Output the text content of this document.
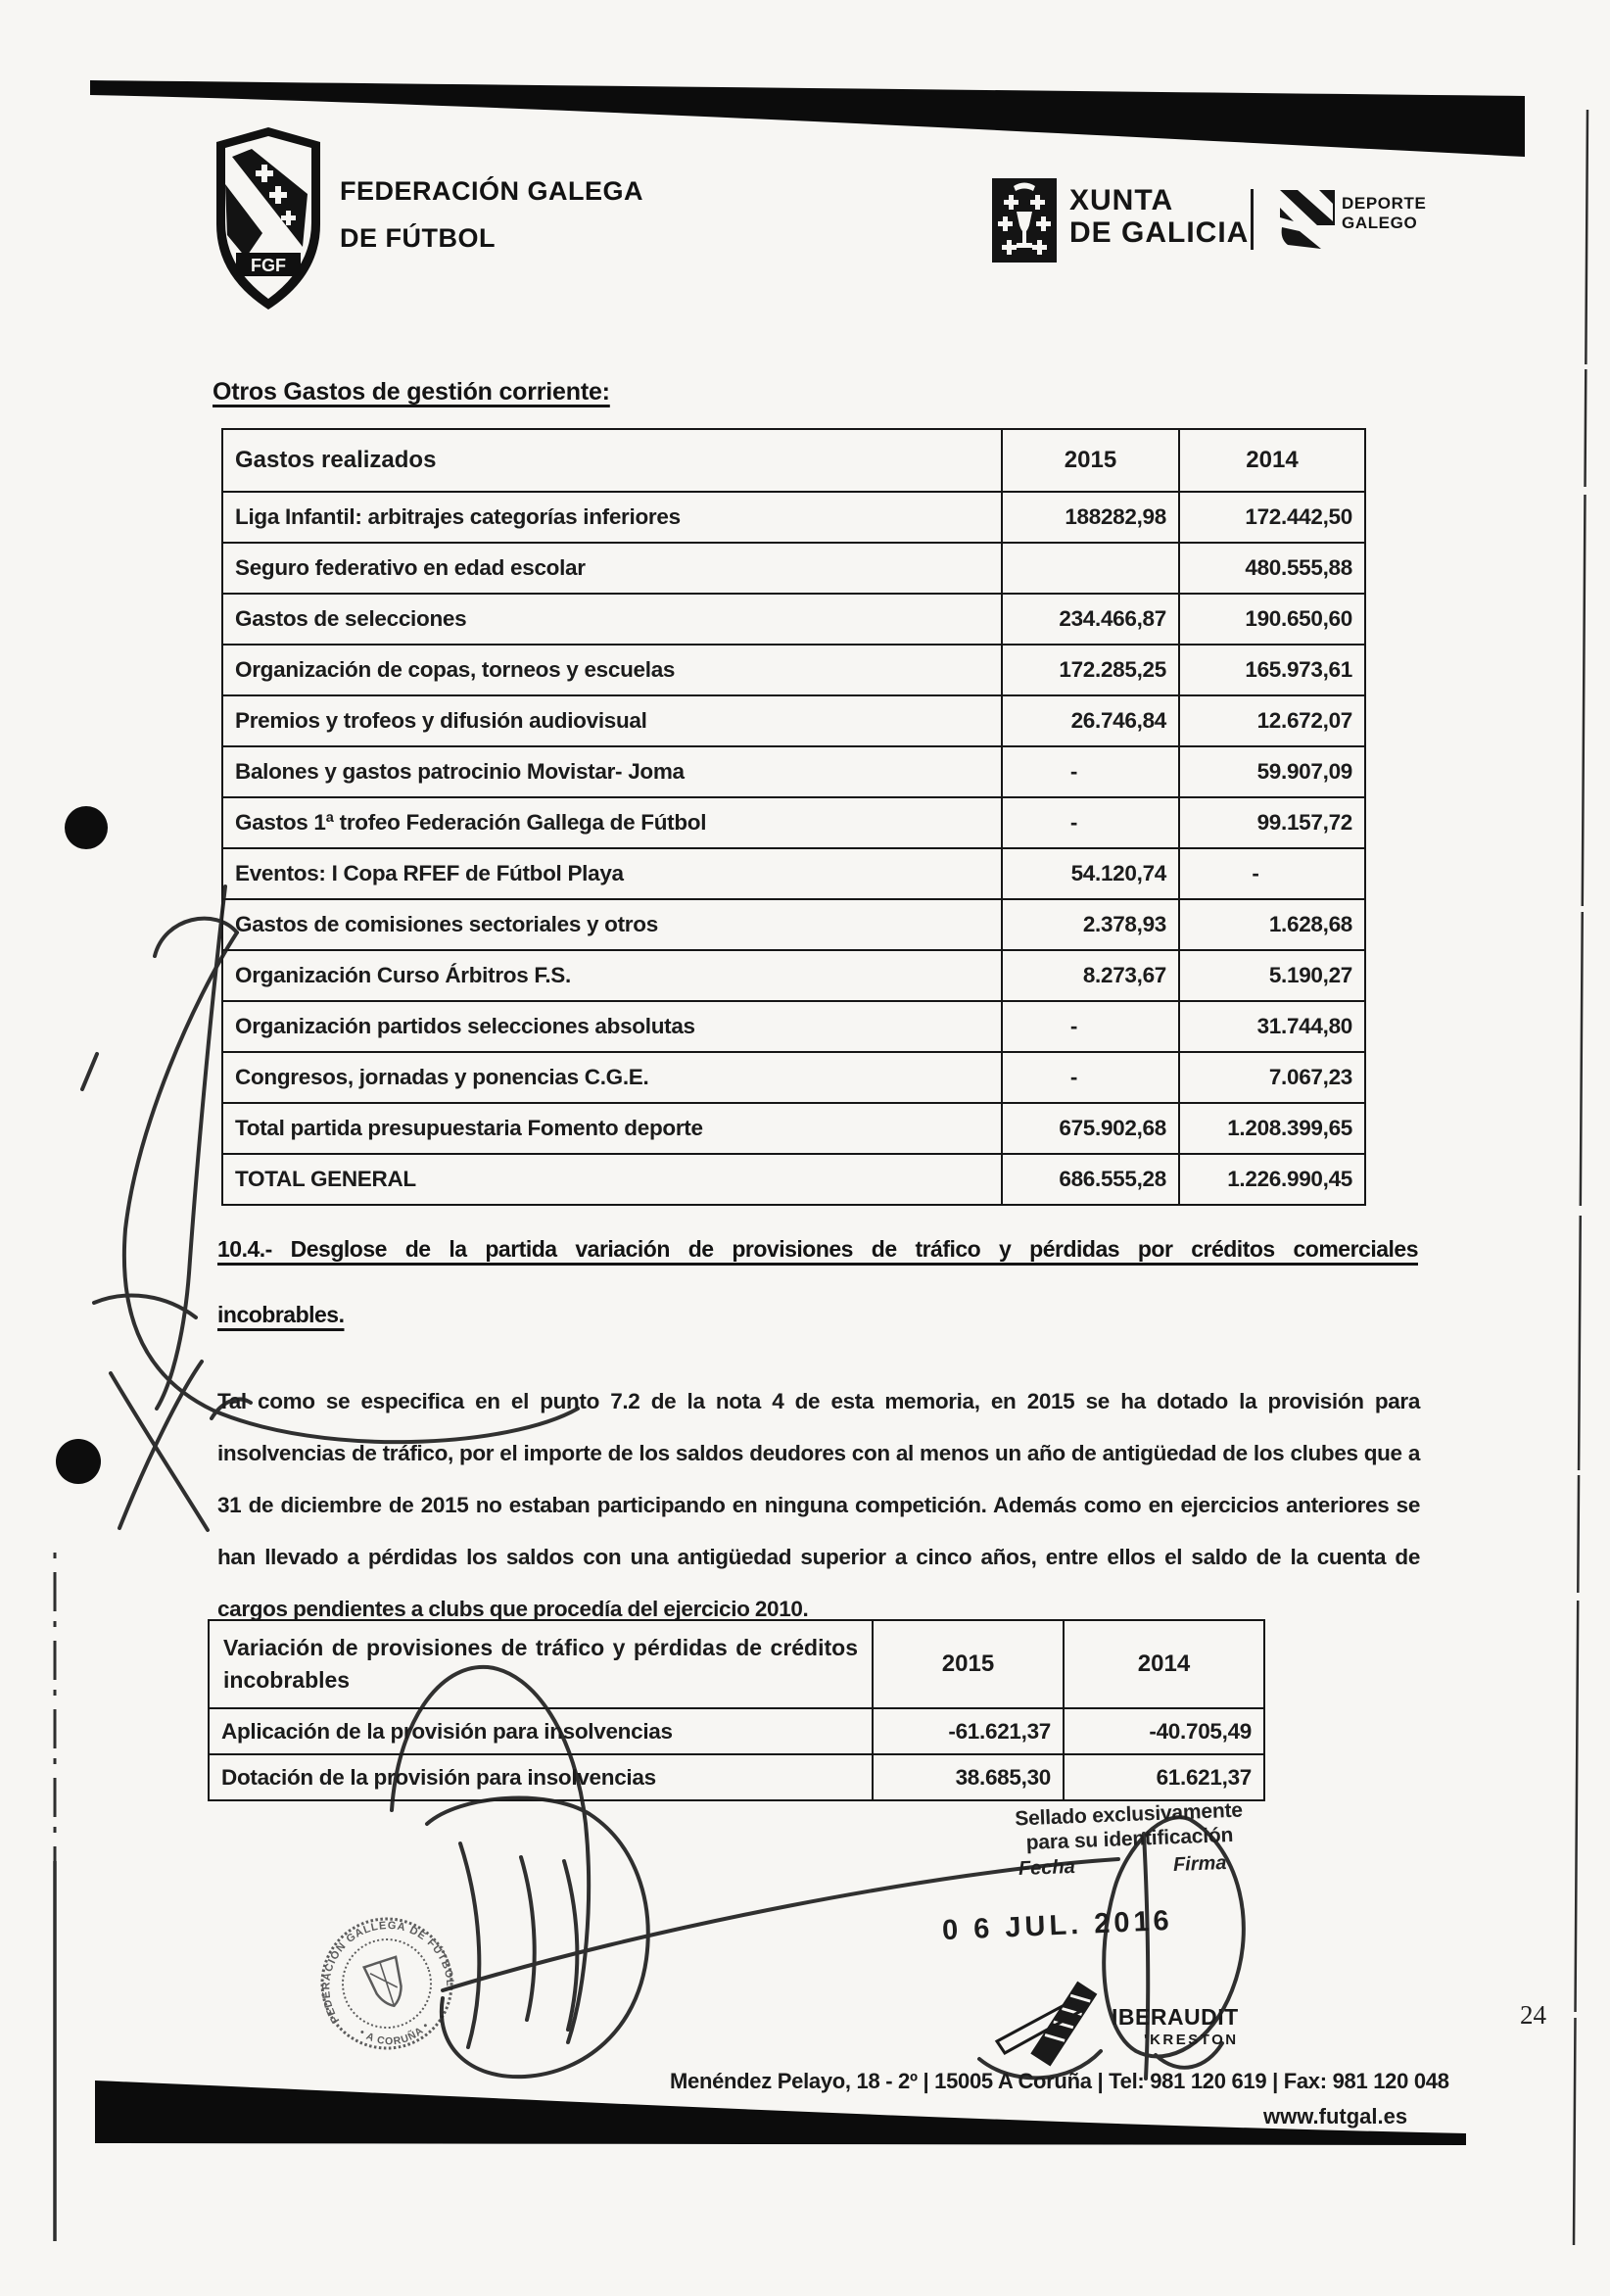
FGF
FEDERACIÓN GALEGA
DE FÚTBOL
XUNTA
DE GALICIA
DEPORTE
GALEGO
Otros Gastos de gestión corriente:
Gastos realizados	2015	2014
Liga Infantil: arbitrajes categorías inferiores	188282,98	172.442,50
Seguro federativo en edad escolar		480.555,88
Gastos de selecciones	234.466,87	190.650,60
Organización de copas, torneos y escuelas	172.285,25	165.973,61
Premios y trofeos y difusión audiovisual	26.746,84	12.672,07
Balones y gastos patrocinio Movistar- Joma	-	59.907,09
Gastos 1ª trofeo Federación Gallega de Fútbol	-	99.157,72
Eventos: I Copa RFEF de Fútbol Playa	54.120,74	-
Gastos de comisiones sectoriales y otros	2.378,93	1.628,68
Organización Curso Árbitros F.S.	8.273,67	5.190,27
Organización partidos selecciones absolutas	-	31.744,80
Congresos, jornadas y ponencias C.G.E.	-	7.067,23
Total partida presupuestaria Fomento deporte	675.902,68	1.208.399,65
TOTAL GENERAL	686.555,28	1.226.990,45
10.4.- Desglose de la partida variación de provisiones de tráfico y pérdidas por créditos comerciales
incobrables.
Tal como se especifica en el punto 7.2 de la nota 4 de esta memoria, en 2015 se ha dotado la provisión para insolvencias de tráfico, por el importe de los saldos deudores con al menos un año de antigüedad de los clubes que a 31 de diciembre de 2015 no estaban participando en ninguna competición. Además como en ejercicios anteriores se han llevado a pérdidas los saldos con una antigüedad superior a cinco años, entre ellos el saldo de la cuenta de cargos pendientes a clubs que procedía del ejercicio 2010.
Variación de provisiones de tráfico y pérdidas de créditos incobrables	2015	2014
Aplicación de la provisión para insolvencias	-61.621,37	-40.705,49
Dotación de la provisión para insolvencias	38.685,30	61.621,37
Sellado exclusivamente
para su identificación
Fecha	Firma
0 6 JUL. 2016
IBERAUDIT
'KRESTON
24
Menéndez Pelayo, 18 - 2º | 15005 A Coruña | Tel: 981 120 619 | Fax: 981 120 048
www.futgal.es
FEDERACIÓN GALLEGA DE FÚTBOL
• A CORUÑA •
